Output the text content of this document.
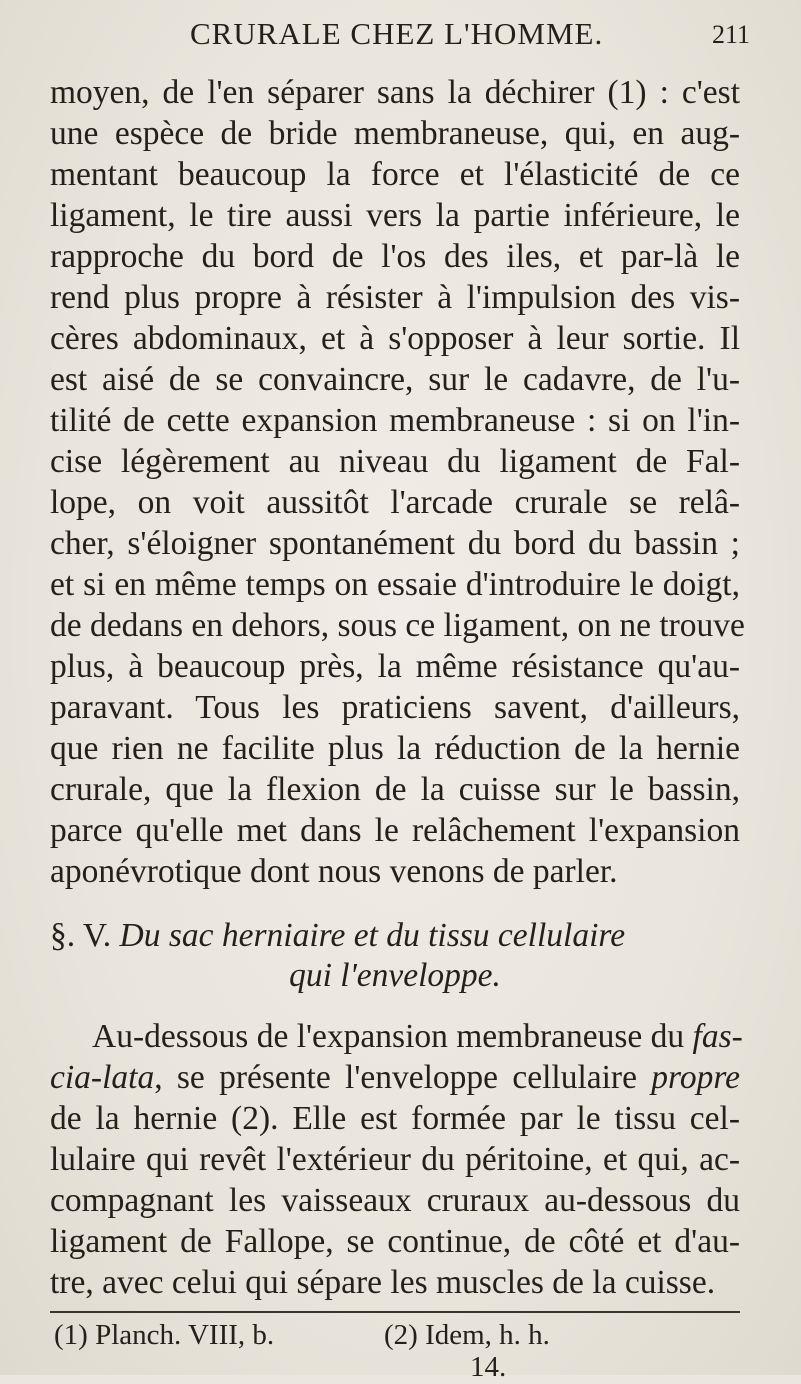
CRURALE CHEZ L'HOMME.	211
moyen, de l'en séparer sans la déchirer (1) : c'est
une espèce de bride membraneuse, qui, en aug-
mentant beaucoup la force et l'élasticité de ce
ligament, le tire aussi vers la partie inférieure, le
rapproche du bord de l'os des iles, et par-là le
rend plus propre à résister à l'impulsion des vis-
cères abdominaux, et à s'opposer à leur sortie. Il
est aisé de se convaincre, sur le cadavre, de l'u-
tilité de cette expansion membraneuse : si on l'in-
cise légèrement au niveau du ligament de Fal-
lope, on voit aussitôt l'arcade crurale se relâ-
cher, s'éloigner spontanément du bord du bassin ;
et si en même temps on essaie d'introduire le doigt,
de dedans en dehors, sous ce ligament, on ne trouve
plus, à beaucoup près, la même résistance qu'au-
paravant. Tous les praticiens savent, d'ailleurs,
que rien ne facilite plus la réduction de la hernie
crurale, que la flexion de la cuisse sur le bassin,
parce qu'elle met dans le relâchement l'expansion
aponévrotique dont nous venons de parler.
§. V. Du sac herniaire et du tissu cellulaire
qui l'enveloppe.
Au-dessous de l'expansion membraneuse du fas-
cia-lata, se présente l'enveloppe cellulaire propre
de la hernie (2). Elle est formée par le tissu cel-
lulaire qui revêt l'extérieur du péritoine, et qui, ac-
compagnant les vaisseaux cruraux au-dessous du
ligament de Fallope, se continue, de côté et d'au-
tre, avec celui qui sépare les muscles de la cuisse.
(1) Planch. VIII, b.	(2) Idem, h. h.
14.
